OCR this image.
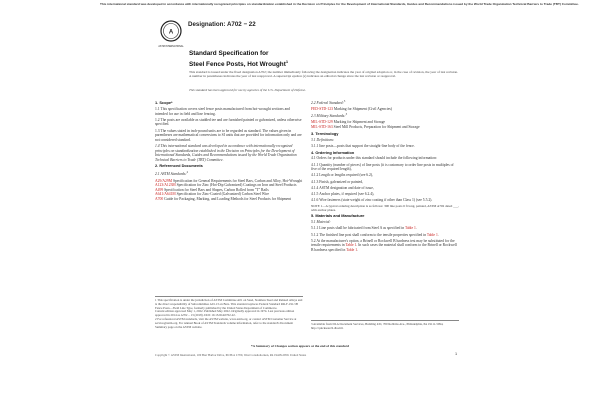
This international standard was developed in accordance with internationally recognized principles on standardization established in the Decision on Principles for the Development of International Standards, Guides and Recommendations issued by the World Trade Organization Technical Barriers to Trade (TBT) Committee.
A
ASTM INTERNATIONAL
Designation: A702 − 22
Standard Specification for
Steel Fence Posts, Hot Wrought$^1$
This standard is issued under the fixed designation A702; the number immediately following the designation indicates the year of original adoption or, in the case of revision, the year of last revision. A number in parentheses indicates the year of last reapproval. A superscript epsilon (ε) indicates an editorial change since the last revision or reapproval.
This standard has been approved for use by agencies of the U.S. Department of Defense.
1. Scope*

1.1 This specification covers steel fence posts manufactured from hot-wrought sections and intended for use in field and line fencing.

1.2 The posts are available as studded tee and are furnished painted or galvanized, unless otherwise specified.

1.3 The values stated in inch-pound units are to be regarded as standard. The values given in parentheses are mathematical conversions to SI units that are provided for information only and are not considered standard.

1.4 This international standard was developed in accordance with internationally recognized principles on standardization established in the Decision on Principles for the Development of International Standards, Guides and Recommendations issued by the World Trade Organization Technical Barriers to Trade (TBT) Committee.

2. Referenced Documents

2.1 ASTM Standards:$^2$

A29/A29M Specification for General Requirements for Steel Bars, Carbon and Alloy, Hot-Wrought
A123/A123M Specification for Zinc (Hot-Dip Galvanized) Coatings on Iron and Steel Products
A499 Specification for Steel Bars and Shapes, Carbon Rolled from "T" Rails
A641/A641M Specification for Zinc-Coated (Galvanized) Carbon Steel Wire
A700 Guide for Packaging, Marking, and Loading Methods for Steel Products for Shipment

2.2 Federal Standard:$^3$

FED-STD-123 Marking for Shipment (Civil Agencies)

2.3 Military Standards:$^3$

MIL-STD-129 Marking for Shipment and Storage
MIL-STD-163 Steel Mill Products, Preparation for Shipment and Storage
3. Terminology

3.1 Definitions:

3.1.1 line posts—posts that support the straight-line body of the fence.

4. Ordering Information

4.1 Orders for products under this standard should include the following information:

4.1.1 Quantity (number of pieces) of line posts (it is customary to order line posts in multiples of five of the required length),

4.1.2 Length or lengths required (see 6.2),

4.1.3 Finish, galvanized or painted,

4.1.4 ASTM designation and date of issue,

4.1.5 Anchor plates, if required (see 6.2.4),

4.1.6 Wire fasteners (state weight of zinc coating if other than Class 1) (see 5.5.2).

NOTE 1—A typical ordering description is as follows: 300 line posts 6 ft long, painted, ASTM A702 dated ___, with anchor plates.

5. Materials and Manufacture

5.1 Material:

5.1.1 Line posts shall be fabricated from Steel A as specified in Table 1.

5.1.2 The finished line post shall conform to the tensile properties specified in Table 1.

5.2 At the manufacturer's option, a Brinell or Rockwell B hardness test may be substituted for the tensile requirements in Table 1. In such cases the material shall conform to the Brinell or Rockwell B hardness specified in Table 1.

1 This specification is under the jurisdiction of ASTM Committee A01 on Steel, Stainless Steel and Related Alloys and is the direct responsibility of Subcommittee A01.13 on Bars. This standard replaces Federal Standard RR-F-191/1B Fence Posts—Field Line Type, formerly published by the United States Department of Commerce.

Current edition approved May 1, 2022. Published May 2022. Originally approved in 1974. Last previous edition approved in 2014 as A702 – 13 (2018). DOI: 10.1520/A0702-22.

2 For referenced ASTM standards, visit the ASTM website, www.astm.org, or contact ASTM Customer Service at service@astm.org. For Annual Book of ASTM Standards volume information, refer to the standard's Document Summary page on the ASTM website.

3 Available from DLA Document Services, Building 4/D, 700 Robbins Ave., Philadelphia, PA 19111-5094, http://quicksearch.dla.mil.
*A Summary of Changes section appears at the end of this standard
Copyright © ASTM International, 100 Barr Harbor Drive, PO Box C700, West Conshohocken, PA 19428-2959. United States	1
